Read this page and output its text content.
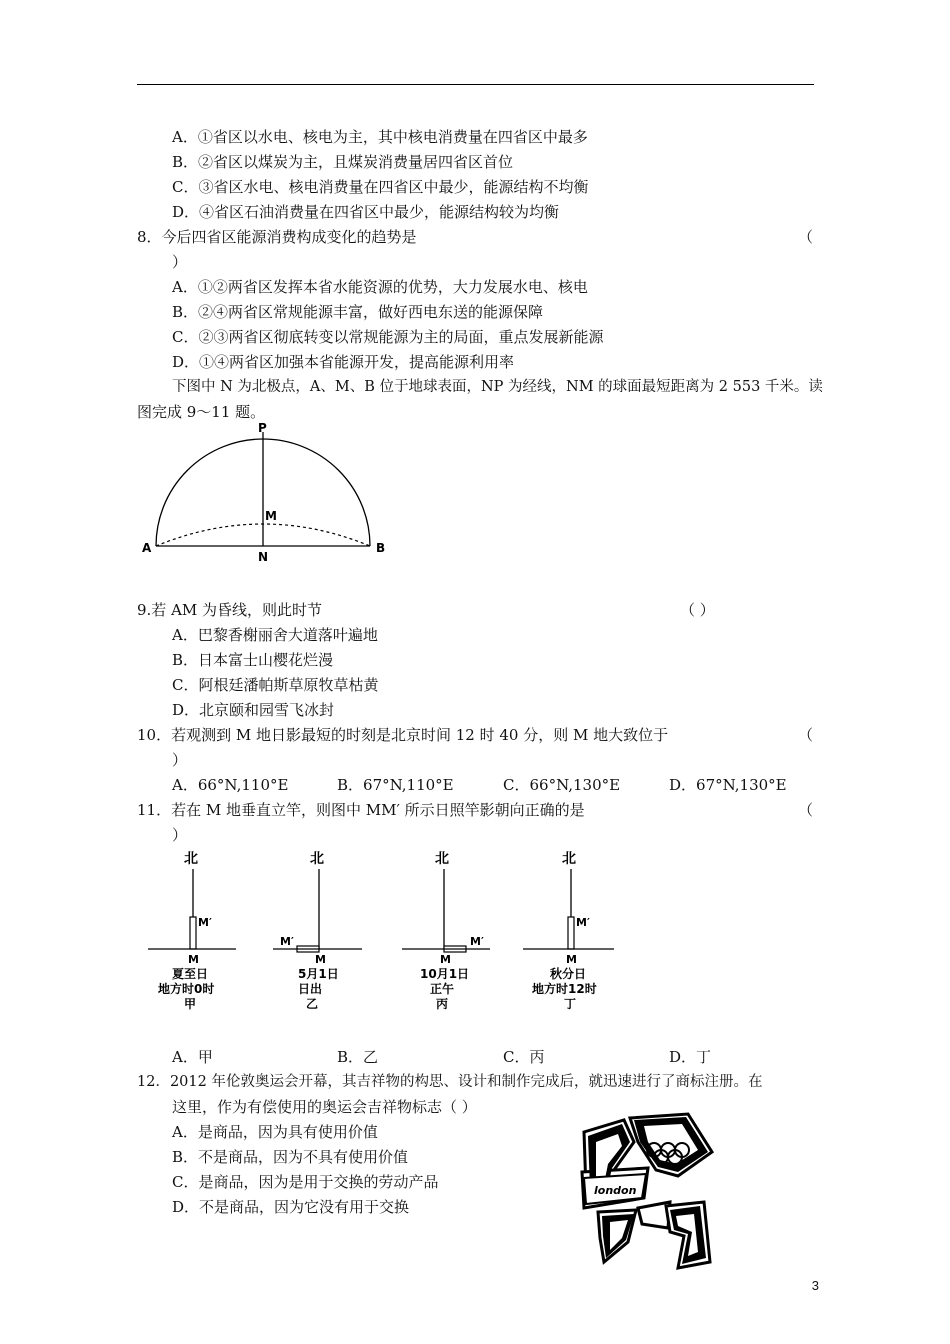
A．①省区以水电、核电为主，其中核电消费量在四省区中最多
B．②省区以煤炭为主，且煤炭消费量居四省区首位
C．③省区水电、核电消费量在四省区中最少，能源结构不均衡
D．④省区石油消费量在四省区中最少，能源结构较为均衡
8．今后四省区能源消费构成变化的趋势是	（
）
A．①②两省区发挥本省水能资源的优势，大力发展水电、核电
B．②④两省区常规能源丰富，做好西电东送的能源保障
C．②③两省区彻底转变以常规能源为主的局面，重点发展新能源
D．①④两省区加强本省能源开发，提高能源利用率
下图中 N 为北极点，A、M、B 位于地球表面，NP 为经线，NM 的球面最短距离为 2 553 千米。读
图完成 9～11 题。
P
M
A
N
B
9.若 AM 为昏线，则此时节	（ ）
A．巴黎香榭丽舍大道落叶遍地
B．日本富士山樱花烂漫
C．阿根廷潘帕斯草原牧草枯黄
D．北京颐和园雪飞冰封
10．若观测到 M 地日影最短的时刻是北京时间 12 时 40 分，则 M 地大致位于	（
）
A．66°N,110°E	B．67°N,110°E	C．66°N,130°E	D．67°N,130°E
11．若在 M 地垂直立竿，则图中 MM′ 所示日照竿影朝向正确的是	（
）
北
M′
M
夏至日
地方时0时
甲
北
M′
M
5月1日
日出
乙
北
M′
M
10月1日
正午
丙
北
M′
M
秋分日
地方时12时
丁
A．甲	B．乙	C．丙	D．丁
12．2012 年伦敦奥运会开幕，其吉祥物的构思、设计和制作完成后，就迅速进行了商标注册。在
这里，作为有偿使用的奥运会吉祥物标志（ ）
A．是商品，因为具有使用价值
B．不是商品，因为不具有使用价值
C．是商品，因为是用于交换的劳动产品
D．不是商品，因为它没有用于交换
london
3
